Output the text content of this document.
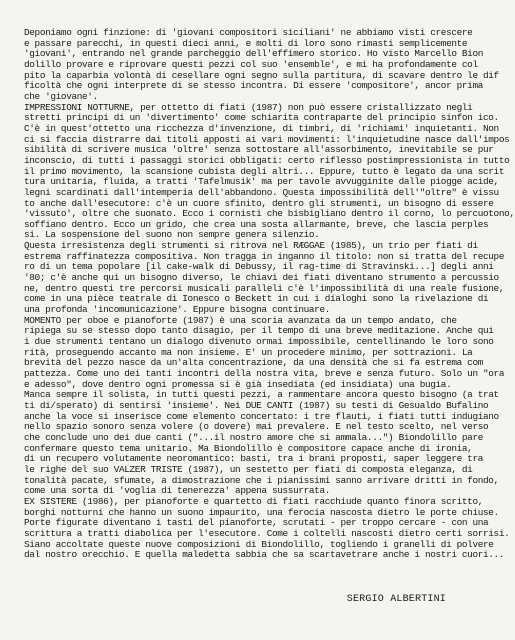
Deponiamo ogni finzione: di 'giovani compositori siciliani' ne abbiamo visti crescere
e passare parecchi, in questi dieci anni, e molti di loro sono rimasti semplicemente
'giovani', entrando nel grande parcheggio dell'effimero storico. Ho visto Marcello Bion
dolillo provare e riprovare questi pezzi col suo 'ensemble', e mi ha profondamente col
pito la caparbia volontà di cesellare ogni segno sulla partitura, di scavare dentro le dif
ficoltà che ogni interprete di se stesso incontra. Di essere 'compositore', ancor prima
che 'giovane'.
IMPRESSIONI NOTTURNE, per ottetto di fiati (1987) non può essere cristallizzato negli
stretti principi di un 'divertimento' come schiarita contraparte del principio sinfon ico.
C'è in quest'ottetto una ricchezza d'invenzione, di timbri, di 'richiami' inquietanti. Non
ci si faccia distrarre dai titoli apposti ai vari movimenti: l'inquietudine nasce dall'impos
sibilità di scrivere musica 'oltre' senza sottostare all'assorbimento, inevitabile se pur
inconscio, di tutti i passaggi storici obbligati: certo riflesso postimpressionista in tutto
il primo movimento, la scansione cubista degli altri... Eppure, tutto è legato da una scrit
tura unitaria, fluida, a tratti 'Tafelmusik' ma per tavole avvugginite dalle piogge acide,
legni scardinati dall'intemperia dell'abbandono. Questa impossibilità dell'"oltre" è vissu
to anche dall'esecutore: c'è un cuore sfinito, dentro gli strumenti, un bisogno di essere
'vissuto', oltre che suonato. Ecco i cornisti che bisbigliano dentro il corno, lo percuotono,
soffiano dentro. Ecco un grido, che crea una sosta allarmante, breve, che lascia perples
si. La sospensione del suono non sempre genera silenzio.
Questa irresistenza degli strumenti si ritrova nel RÆGGAE (1985), un trio per fiati di
estrema raffinatezza compositiva. Non tragga in inganno il titolo: non si tratta del recupe
ro di un tema popolare [il cake-walk di Debussy, il rag-time di Stravinski...] degli anni
'80; c'è anche qui un bisogno diverso, le chiavi dei fiati diventano strumento a percussio
ne, dentro questi tre percorsi musicali paralleli c'è l'impossibilità di una reale fusione,
come in una pièce teatrale di Ionesco o Beckett in cui i dialoghi sono la rivelazione di
una profonda 'incomunicazione'. Eppure bisogna continuare.
MOMENTO per oboe e pianoforte (1987) è una scoria avanzata da un tempo andato, che
ripiega su se stesso dopo tanto disagio, per il tempo di una breve meditazione. Anche qui
i due strumenti tentano un dialogo divenuto ormai impossibile, centellinando le loro sono
rità, proseguendo accanto ma non insieme. E' un procedere minimo, per sottrazioni. La
brevità del pezzo nasce da un'alta concentrazione, da una densità che si fa estrema com
pattezza. Come uno dei tanti incontri della nostra vita, breve e senza futuro. Solo un "ora
e adesso", dove dentro ogni promessa si è già insediata (ed insidiata) una bugia.
Manca sempre il solista, in tutti questi pezzi, a rammentare ancora questo bisogno (a trat
ti di/sperato) di sentirsi 'insieme'. Nei DUE CANTI (1987) su testi di Gesualdo Bufalino
anche la voce si inserisce come elemento concertato: i tre flauti, i fiati tutti indugiano
nello spazio sonoro senza volere (o dovere) mai prevalere. E nel testo scelto, nel verso
che conclude uno dei due canti ("...il nostro amore che si ammala...") Biondolillo pare
confermare questo tema unitario. Ma Biondolillo è compositore capace anche di ironia,
di un recupero volutamente neoromantico: basti, tra i brani proposti, saper leggere tra
le righe del suo VALZER TRISTE (1987), un sestetto per fiati di composta eleganza, di
tonalità pacate, sfumate, a dimostrazione che i pianissimi sanno arrivare dritti in fondo,
come una sorta di 'voglia di tenerezza' appena sussurrata.
EX SISTERE (1986), per pianoforte e quartetto di fiati racchiude quanto finora scritto,
borghi notturni che hanno un suono impaurito, una ferocia nascosta dietro le porte chiuse.
Porte figurate diventano i tasti del pianoforte, scrutati - per troppo cercare - con una
scrittura a tratti diabolica per l'esecutore. Come i coltelli nascosti dietro certi sorrisi.
Siano accoltate queste nuove composizioni di Biondolillo, togliendo i granelli di polvere
dal nostro orecchio. E quella maledetta sabbia che sa scartavetrare anche i nostri cuori...
SERGIO ALBERTINI
